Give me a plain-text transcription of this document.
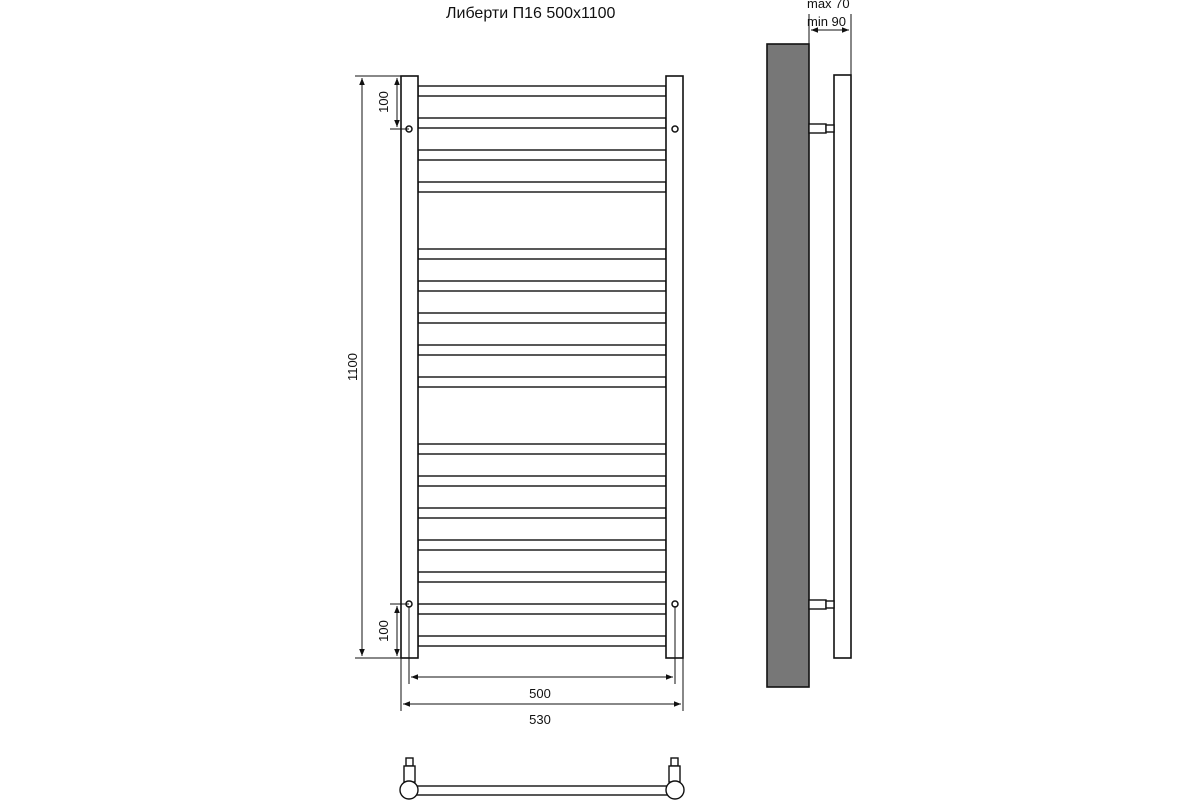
Либерти П16 500х1100
1100
100
100
500
530
max 70
min 90
